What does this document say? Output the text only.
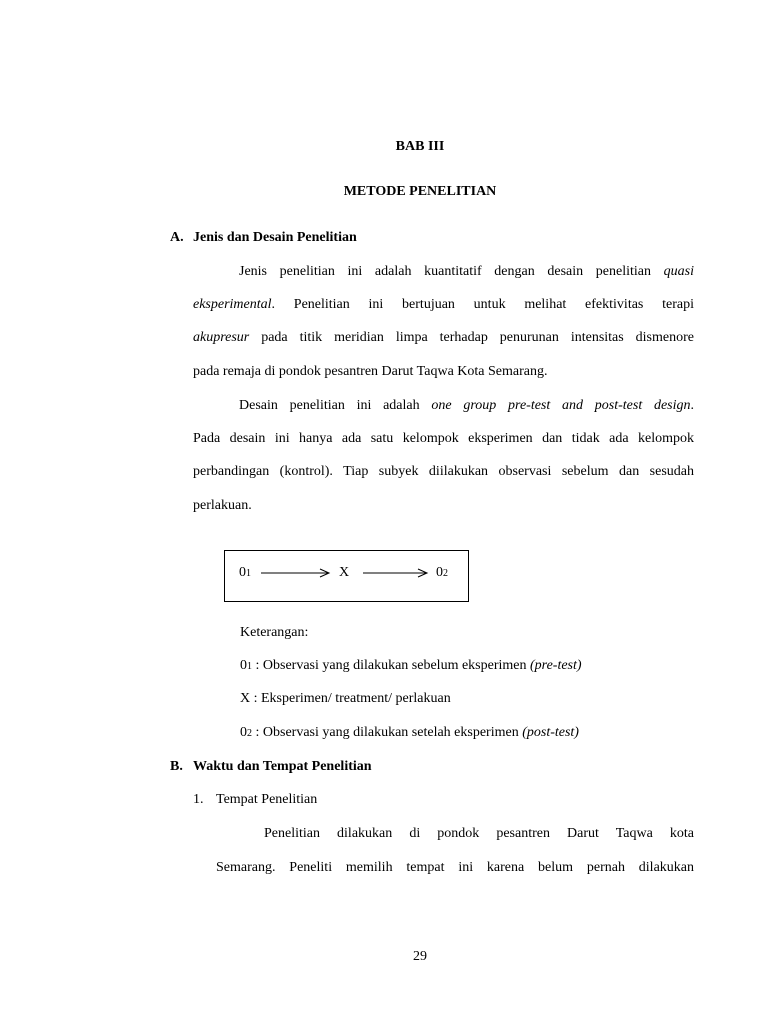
BAB III
METODE PENELITIAN
A. Jenis dan Desain Penelitian
Jenis penelitian ini adalah kuantitatif dengan desain penelitian quasi
eksperimental. Penelitian ini bertujuan untuk melihat efektivitas terapi
akupresur pada titik meridian limpa terhadap penurunan intensitas dismenore
pada remaja di pondok pesantren Darut Taqwa Kota Semarang.
Desain penelitian ini adalah one group pre-test and post-test design.
Pada desain ini hanya ada satu kelompok eksperimen dan tidak ada kelompok
perbandingan (kontrol). Tiap subyek diilakukan observasi sebelum dan sesudah
perlakuan.
01	X	02
Keterangan:
01 : Observasi yang dilakukan sebelum eksperimen (pre-test)
X : Eksperimen/ treatment/ perlakuan
02 : Observasi yang dilakukan setelah eksperimen (post-test)
B. Waktu dan Tempat Penelitian
1. Tempat Penelitian
Penelitian dilakukan di pondok pesantren Darut Taqwa kota
Semarang. Peneliti memilih tempat ini karena belum pernah dilakukan
29
